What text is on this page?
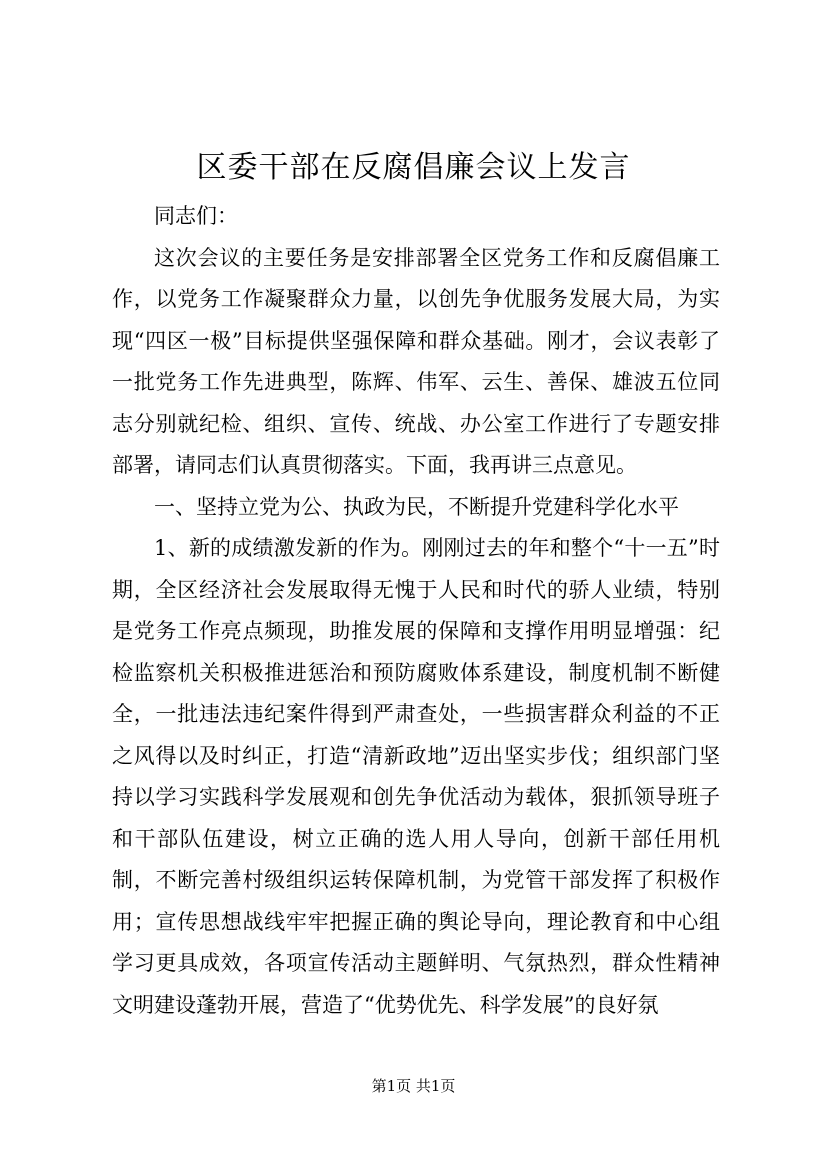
区委干部在反腐倡廉会议上发言

同志们：

这次会议的主要任务是安排部署全区党务工作和反腐倡廉工作，以党务工作凝聚群众力量，以创先争优服务发展大局，为实现“四区一极”目标提供坚强保障和群众基础。刚才，会议表彰了一批党务工作先进典型，陈辉、伟军、云生、善保、雄波五位同志分别就纪检、组织、宣传、统战、办公室工作进行了专题安排部署，请同志们认真贯彻落实。下面，我再讲三点意见。

一、坚持立党为公、执政为民，不断提升党建科学化水平

1、新的成绩激发新的作为。刚刚过去的年和整个“十一五”时期，全区经济社会发展取得无愧于人民和时代的骄人业绩，特别是党务工作亮点频现，助推发展的保障和支撑作用明显增强：纪检监察机关积极推进惩治和预防腐败体系建设，制度机制不断健全，一批违法违纪案件得到严肃查处，一些损害群众利益的不正之风得以及时纠正，打造“清新政地”迈出坚实步伐；组织部门坚持以学习实践科学发展观和创先争优活动为载体，狠抓领导班子和干部队伍建设，树立正确的选人用人导向，创新干部任用机制，不断完善村级组织运转保障机制，为党管干部发挥了积极作用；宣传思想战线牢牢把握正确的舆论导向，理论教育和中心组学习更具成效，各项宣传活动主题鲜明、气氛热烈，群众性精神文明建设蓬勃开展，营造了“优势优先、科学发展”的良好氛

第1页 共1页
